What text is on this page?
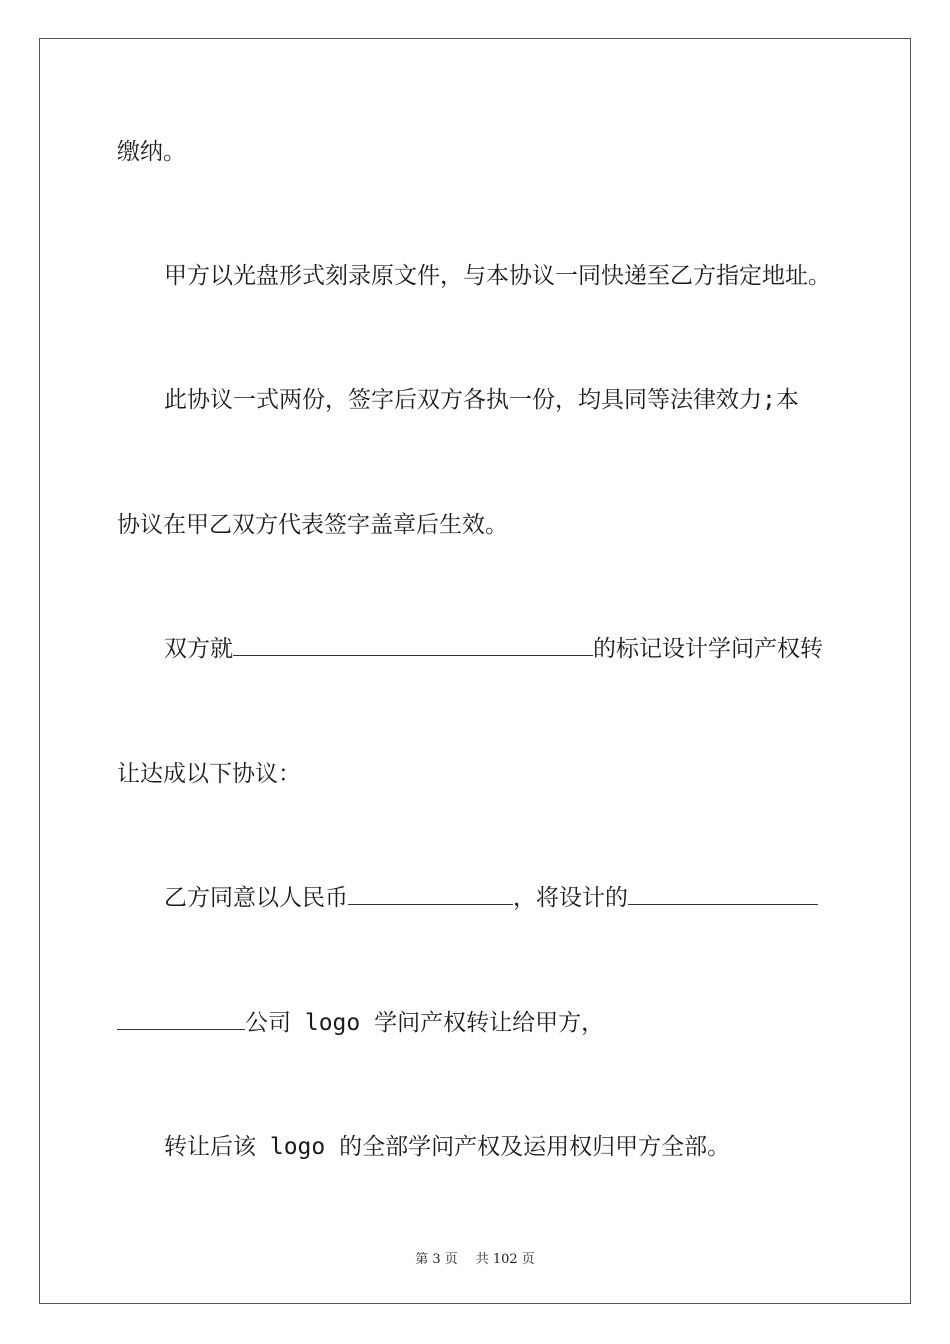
缴纳。
甲方以光盘形式刻录原文件，与本协议一同快递至乙方指定地址。
此协议一式两份，签字后双方各执一份，均具同等法律效力;本
协议在甲乙双方代表签字盖章后生效。
双方就	的标记设计学问产权转
让达成以下协议：
乙方同意以人民币	，将设计的
公司 logo 学问产权转让给甲方，
转让后该 logo 的全部学问产权及运用权归甲方全部。
第 3 页 共 102 页
